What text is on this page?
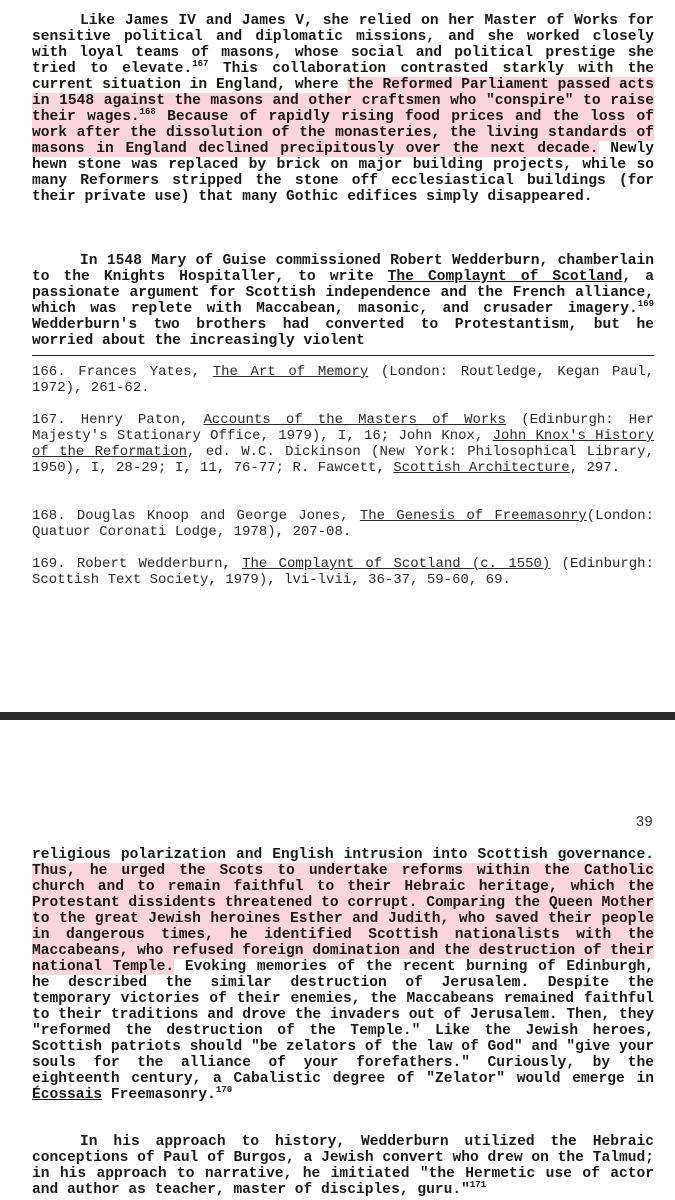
Like James IV and James V, she relied on her Master of Works for sensitive political and diplomatic missions, and she worked closely with loyal teams of masons, whose social and political prestige she tried to elevate.$^{167}$ This collaboration contrasted starkly with the current situation in England, where the Reformed Parliament passed acts in 1548 against the masons and other craftsmen who "conspire" to raise their wages.$^{168}$ Because of rapidly rising food prices and the loss of work after the dissolution of the monasteries, the living standards of masons in England declined precipitously over the next decade. Newly hewn stone was replaced by brick on major building projects, while so many Reformers stripped the stone off ecclesiastical buildings (for their private use) that many Gothic edifices simply disappeared.

In 1548 Mary of Guise commissioned Robert Wedderburn, chamberlain to the Knights Hospitaller, to write The Complaynt of Scotland, a passionate argument for Scottish independence and the French alliance, which was replete with Maccabean, masonic, and crusader imagery.$^{169}$ Wedderburn's two brothers had converted to Protestantism, but he worried about the increasingly violent

166. Frances Yates, The Art of Memory (London: Routledge, Kegan Paul, 1972), 261-62.

167. Henry Paton, Accounts of the Masters of Works (Edinburgh: Her Majesty's Stationary Office, 1979), I, 16; John Knox, John Knox's History of the Reformation, ed. W.C. Dickinson (New York: Philosophical Library, 1950), I, 28-29; I, 11, 76-77; R. Fawcett, Scottish Architecture, 297.

168. Douglas Knoop and George Jones, The Genesis of Freemasonry(London: Quatuor Coronati Lodge, 1978), 207-08.

169. Robert Wedderburn, The Complaynt of Scotland (c. 1550) (Edinburgh: Scottish Text Society, 1979), lvi-lvii, 36-37, 59-60, 69.

39

religious polarization and English intrusion into Scottish governance. Thus, he urged the Scots to undertake reforms within the Catholic church and to remain faithful to their Hebraic heritage, which the Protestant dissidents threatened to corrupt. Comparing the Queen Mother to the great Jewish heroines Esther and Judith, who saved their people in dangerous times, he identified Scottish nationalists with the Maccabeans, who refused foreign domination and the destruction of their national Temple. Evoking memories of the recent burning of Edinburgh, he described the similar destruction of Jerusalem. Despite the temporary victories of their enemies, the Maccabeans remained faithful to their traditions and drove the invaders out of Jerusalem. Then, they "reformed the destruction of the Temple." Like the Jewish heroes, Scottish patriots should "be zelators of the law of God" and "give your souls for the alliance of your forefathers." Curiously, by the eighteenth century, a Cabalistic degree of "Zelator" would emerge in Écossais Freemasonry.$^{170}$

In his approach to history, Wedderburn utilized the Hebraic conceptions of Paul of Burgos, a Jewish convert who drew on the Talmud; in his approach to narrative, he imitiated "the Hermetic use of actor and author as teacher, master of disciples, guru."$^{171}$
